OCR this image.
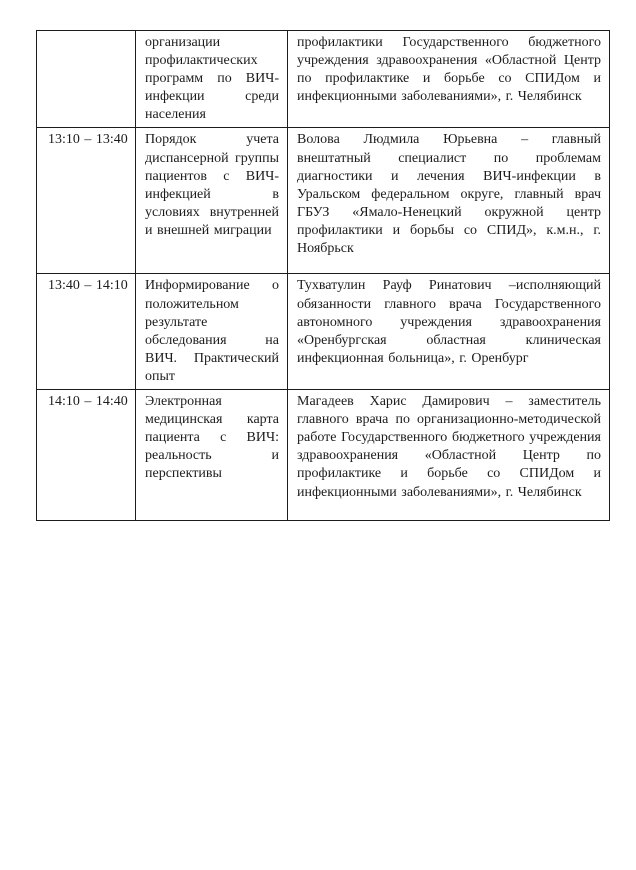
	организации профилактических программ по ВИЧ-инфекции среди населения	профилактики Государственного бюджетного учреждения здравоохранения «Областной Центр по профилактике и борьбе со СПИДом и инфекционными заболеваниями», г. Челябинск
13:10 – 13:40	Порядок учета диспансерной группы пациентов с ВИЧ-инфекцией в условиях внутренней и внешней миграции	Волова Людмила Юрьевна – главный внештатный специалист по проблемам диагностики и лечения ВИЧ-инфекции в Уральском федеральном округе, главный врач ГБУЗ «Ямало-Ненецкий окружной центр профилактики и борьбы со СПИД», к.м.н., г. Ноябрьск
13:40 – 14:10	Информирование о положительном результате обследования на ВИЧ. Практический опыт	Тухватулин Рауф Ринатович –исполняющий обязанности главного врача Государственного автономного учреждения здравоохранения «Оренбургская областная клиническая инфекционная больница», г. Оренбург
14:10 – 14:40	Электронная медицинская карта пациента с ВИЧ: реальность и перспективы	Магадеев Харис Дамирович – заместитель главного врача по организационно-методической работе Государственного бюджетного учреждения здравоохранения «Областной Центр по профилактике и борьбе со СПИДом и инфекционными заболеваниями», г. Челябинск
